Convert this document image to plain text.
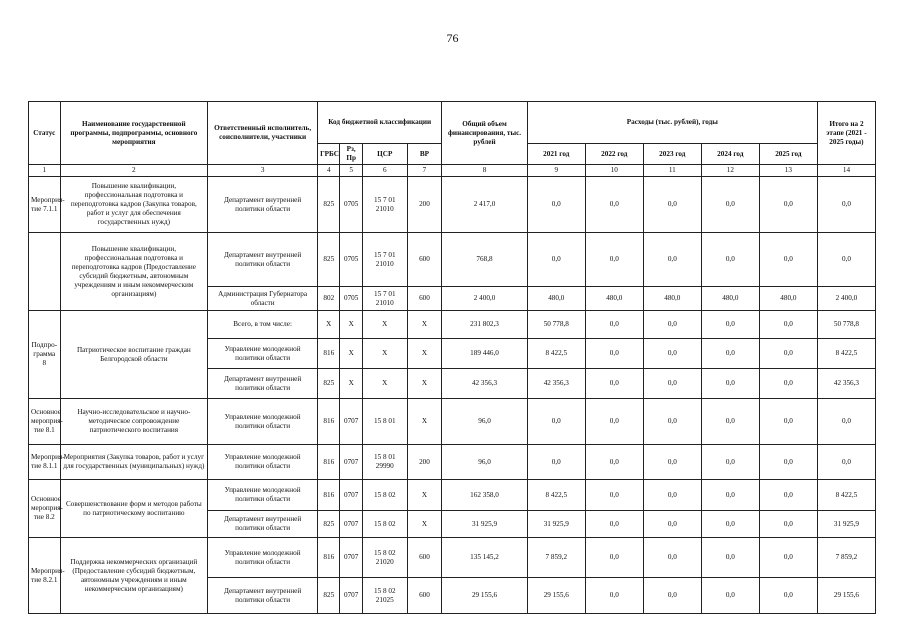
76
Статус	Наименование государственной программы, подпрограммы, основного мероприятия	Ответственный исполнитель, соисполнители, участники	Код бюджетной классификации				Общий объем финансирования, тыс. рублей	Расходы (тыс. рублей), годы					Итого на 2 этапе (2021 - 2025 годы)
			ГРБС	Рз, Пр	ЦСР	ВР		2021 год	2022 год	2023 год	2024 год	2025 год	
1	2	3	4	5	6	7	8	9	10	11	12	13	14
Мероприя-тие 7.1.1	Повышение квалификации, профессиональная подготовка и переподготовка кадров (Закупка товаров, работ и услуг для обеспечения государственных нужд)	Департамент внутренней политики области	825	0705	15 7 01 21010	200	2 417,0	0,0	0,0	0,0	0,0	0,0	0,0
	Повышение квалификации, профессиональная подготовка и переподготовка кадров (Предоставление субсидий бюджетным, автономным учреждениям и иным некоммерческим организациям)	Департамент внутренней политики области	825	0705	15 7 01 21010	600	768,8	0,0	0,0	0,0	0,0	0,0	0,0
		Администрация Губернатора области	802	0705	15 7 01 21010	600	2 400,0	480,0	480,0	480,0	480,0	480,0	2 400,0
Подпро-грамма 8	Патриотическое воспитание граждан Белгородской области	Всего, в том числе:	X	X	X	X	231 802,3	50 778,8	0,0	0,0	0,0	0,0	50 778,8
		Управление молодежной политики области	816	X	X	X	189 446,0	8 422,5	0,0	0,0	0,0	0,0	8 422,5
		Департамент внутренней политики области	825	X	X	X	42 356,3	42 356,3	0,0	0,0	0,0	0,0	42 356,3
Основное мероприя-тие 8.1	Научно-исследовательское и научно-методическое сопровождение патриотического воспитания	Управление молодежной политики области	816	0707	15 8 01	X	96,0	0,0	0,0	0,0	0,0	0,0	0,0
Мероприя-тие 8.1.1	Мероприятия (Закупка товаров, работ и услуг для государственных (муниципальных) нужд)	Управление молодежной политики области	816	0707	15 8 01 29990	200	96,0	0,0	0,0	0,0	0,0	0,0	0,0
Основное мероприя-тие 8.2	Совершенствование форм и методов работы по патриотическому воспитанию	Управление молодежной политики области	816	0707	15 8 02	X	162 358,0	8 422,5	0,0	0,0	0,0	0,0	8 422,5
		Департамент внутренней политики области	825	0707	15 8 02	X	31 925,9	31 925,9	0,0	0,0	0,0	0,0	31 925,9
Мероприя-тие 8.2.1	Поддержка некоммерческих организаций (Предоставление субсидий бюджетным, автономным учреждениям и иным некоммерческим организациям)	Управление молодежной политики области	816	0707	15 8 02 21020	600	135 145,2	7 859,2	0,0	0,0	0,0	0,0	7 859,2
		Департамент внутренней политики области	825	0707	15 8 02 21025	600	29 155,6	29 155,6	0,0	0,0	0,0	0,0	29 155,6
